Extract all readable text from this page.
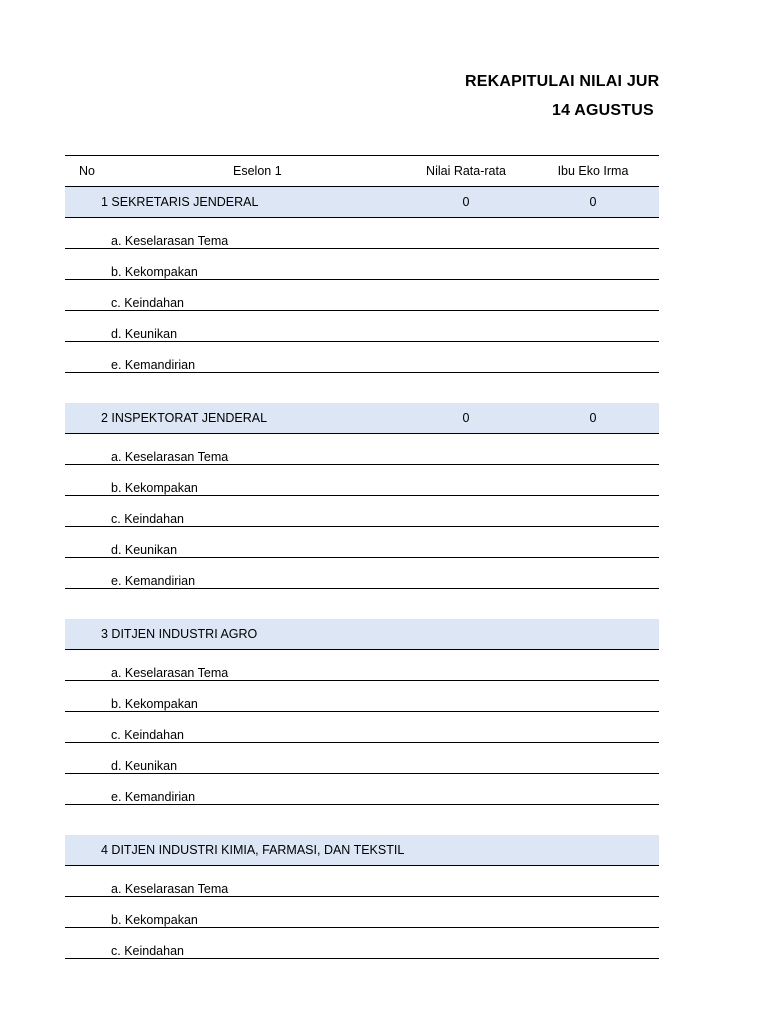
REKAPITULAI NILAI JUR
14 AGUSTUS
No	Eselon 1	Nilai Rata-rata	Ibu Eko Irma
1 SEKRETARIS JENDERAL	0	0
a. Keselarasan Tema
b. Kekompakan
c. Keindahan
d. Keunikan
e. Kemandirian
2 INSPEKTORAT JENDERAL	0	0
a. Keselarasan Tema
b. Kekompakan
c. Keindahan
d. Keunikan
e. Kemandirian
3 DITJEN INDUSTRI AGRO
a. Keselarasan Tema
b. Kekompakan
c. Keindahan
d. Keunikan
e. Kemandirian
4 DITJEN INDUSTRI KIMIA, FARMASI, DAN TEKSTIL
a. Keselarasan Tema
b. Kekompakan
c. Keindahan
